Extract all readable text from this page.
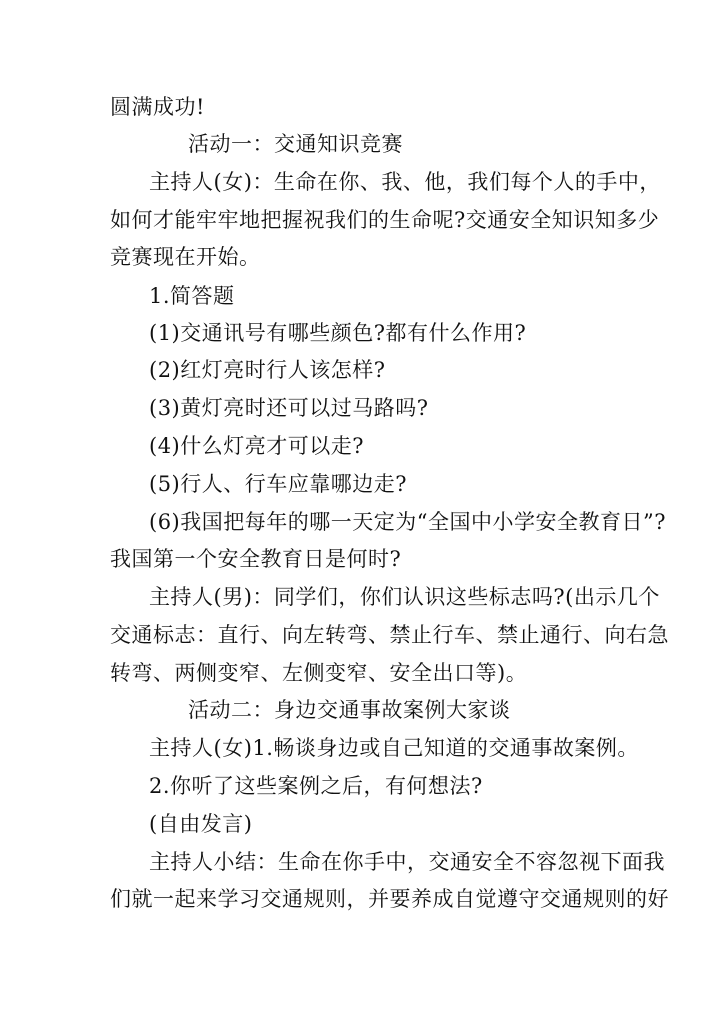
圆满成功!
活动一：交通知识竞赛
主持人(女)：生命在你、我、他，我们每个人的手中，
如何才能牢牢地把握祝我们的生命呢?交通安全知识知多少
竞赛现在开始。
1.简答题
(1)交通讯号有哪些颜色?都有什么作用?
(2)红灯亮时行人该怎样?
(3)黄灯亮时还可以过马路吗?
(4)什么灯亮才可以走?
(5)行人、行车应靠哪边走?
(6)我国把每年的哪一天定为“全国中小学安全教育日”?
我国第一个安全教育日是何时?
主持人(男)：同学们，你们认识这些标志吗?(出示几个
交通标志：直行、向左转弯、禁止行车、禁止通行、向右急
转弯、两侧变窄、左侧变窄、安全出口等)。
活动二：身边交通事故案例大家谈
主持人(女)1.畅谈身边或自己知道的交通事故案例。
2.你听了这些案例之后，有何想法?
(自由发言)
主持人小结：生命在你手中，交通安全不容忽视下面我
们就一起来学习交通规则，并要养成自觉遵守交通规则的好
